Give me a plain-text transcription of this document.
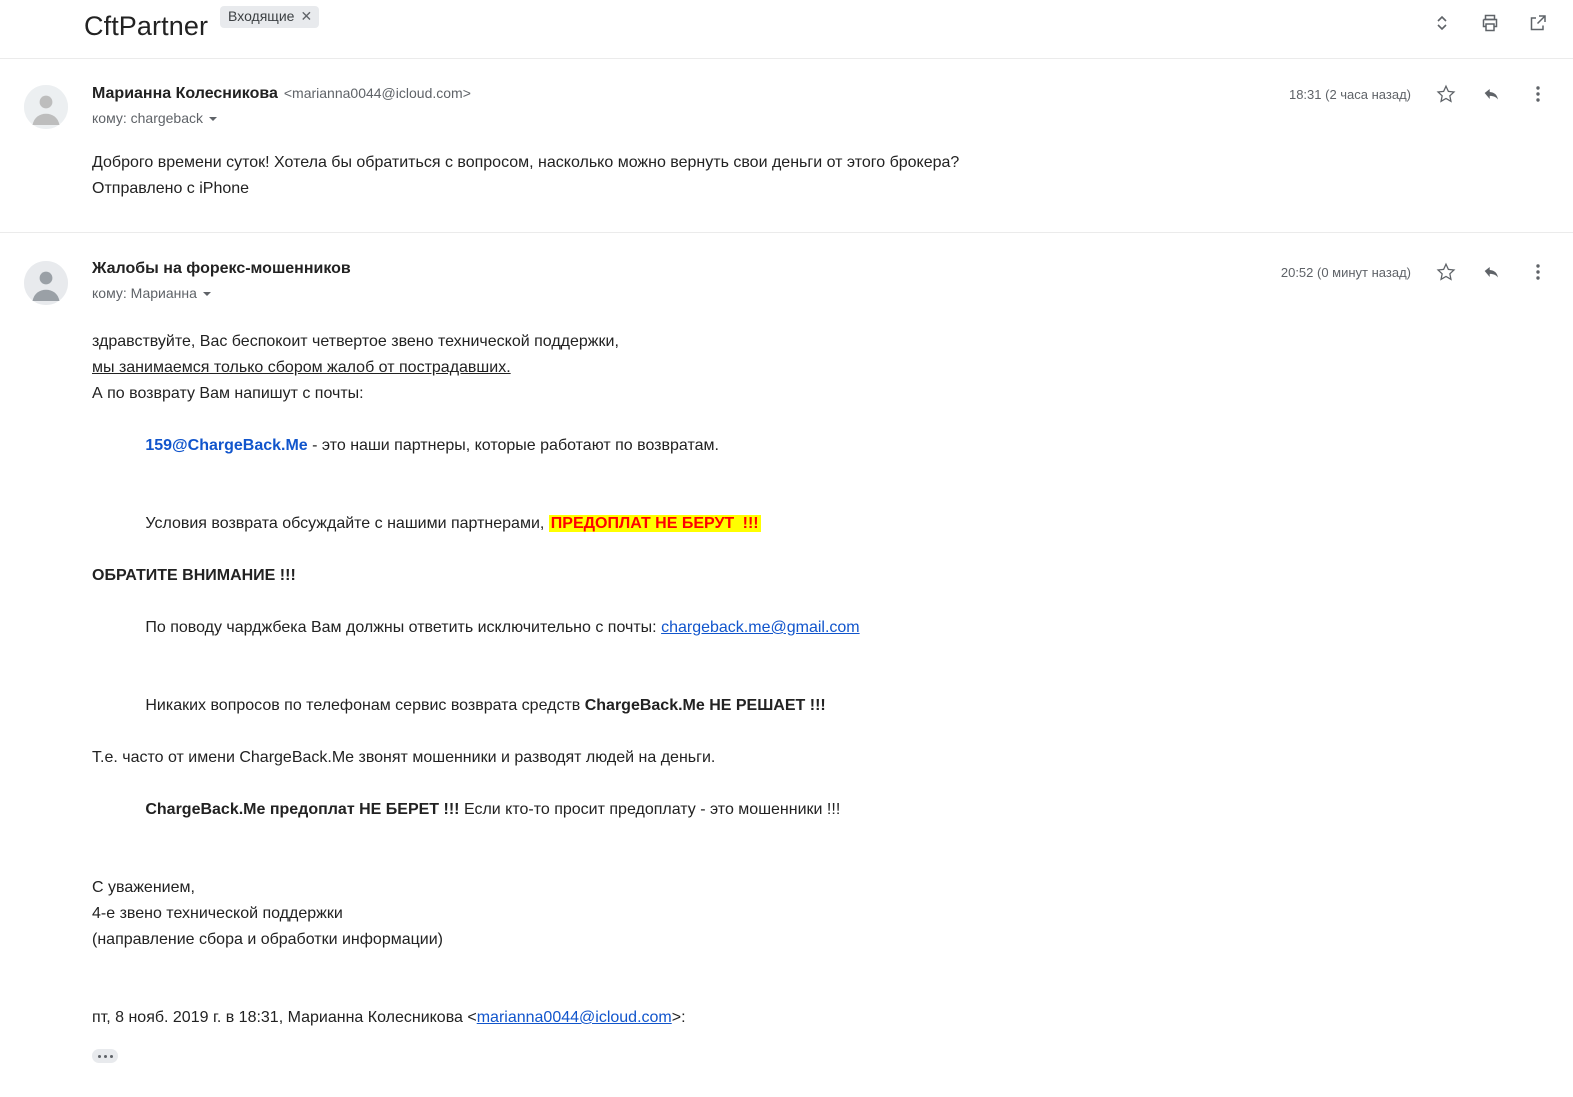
CftPartner Входящие ✕
18:31 (2 часа назад)
Марианна Колесникова <marianna0044@icloud.com>
кому: chargeback
Доброго времени суток! Хотела бы обратиться с вопросом, насколько можно вернуть свои деньги от этого брокера?
Отправлено с iPhone
20:52 (0 минут назад)
Жалобы на форекс-мошенников
кому: Марианна
здравствуйте, Вас беспокоит четвертое звено технической поддержки,
мы занимаемся только сбором жалоб от пострадавших.
А по возврату Вам напишут с почты:

159@ChargeBack.Me - это наши партнеры, которые работают по возвратам.

Условия возврата обсуждайте с нашими партнерами, ПРЕДОПЛАТ НЕ БЕРУТ !!!

ОБРАТИТЕ ВНИМАНИЕ !!!

По поводу чарджбека Вам должны ответить исключительно с почты: chargeback.me@gmail.com

Никаких вопросов по телефонам сервис возврата средств ChargeBack.Me НЕ РЕШАЕТ !!!

Т.е. часто от имени ChargeBack.Me звонят мошенники и разводят людей на деньги.

ChargeBack.Me предоплат НЕ БЕРЕТ !!! Если кто-то просит предоплату - это мошенники !!!

С уважением,
4-е звено технической поддержки
(направление сбора и обработки информации)
пт, 8 нояб. 2019 г. в 18:31, Марианна Колесникова <marianna0044@icloud.com>:
